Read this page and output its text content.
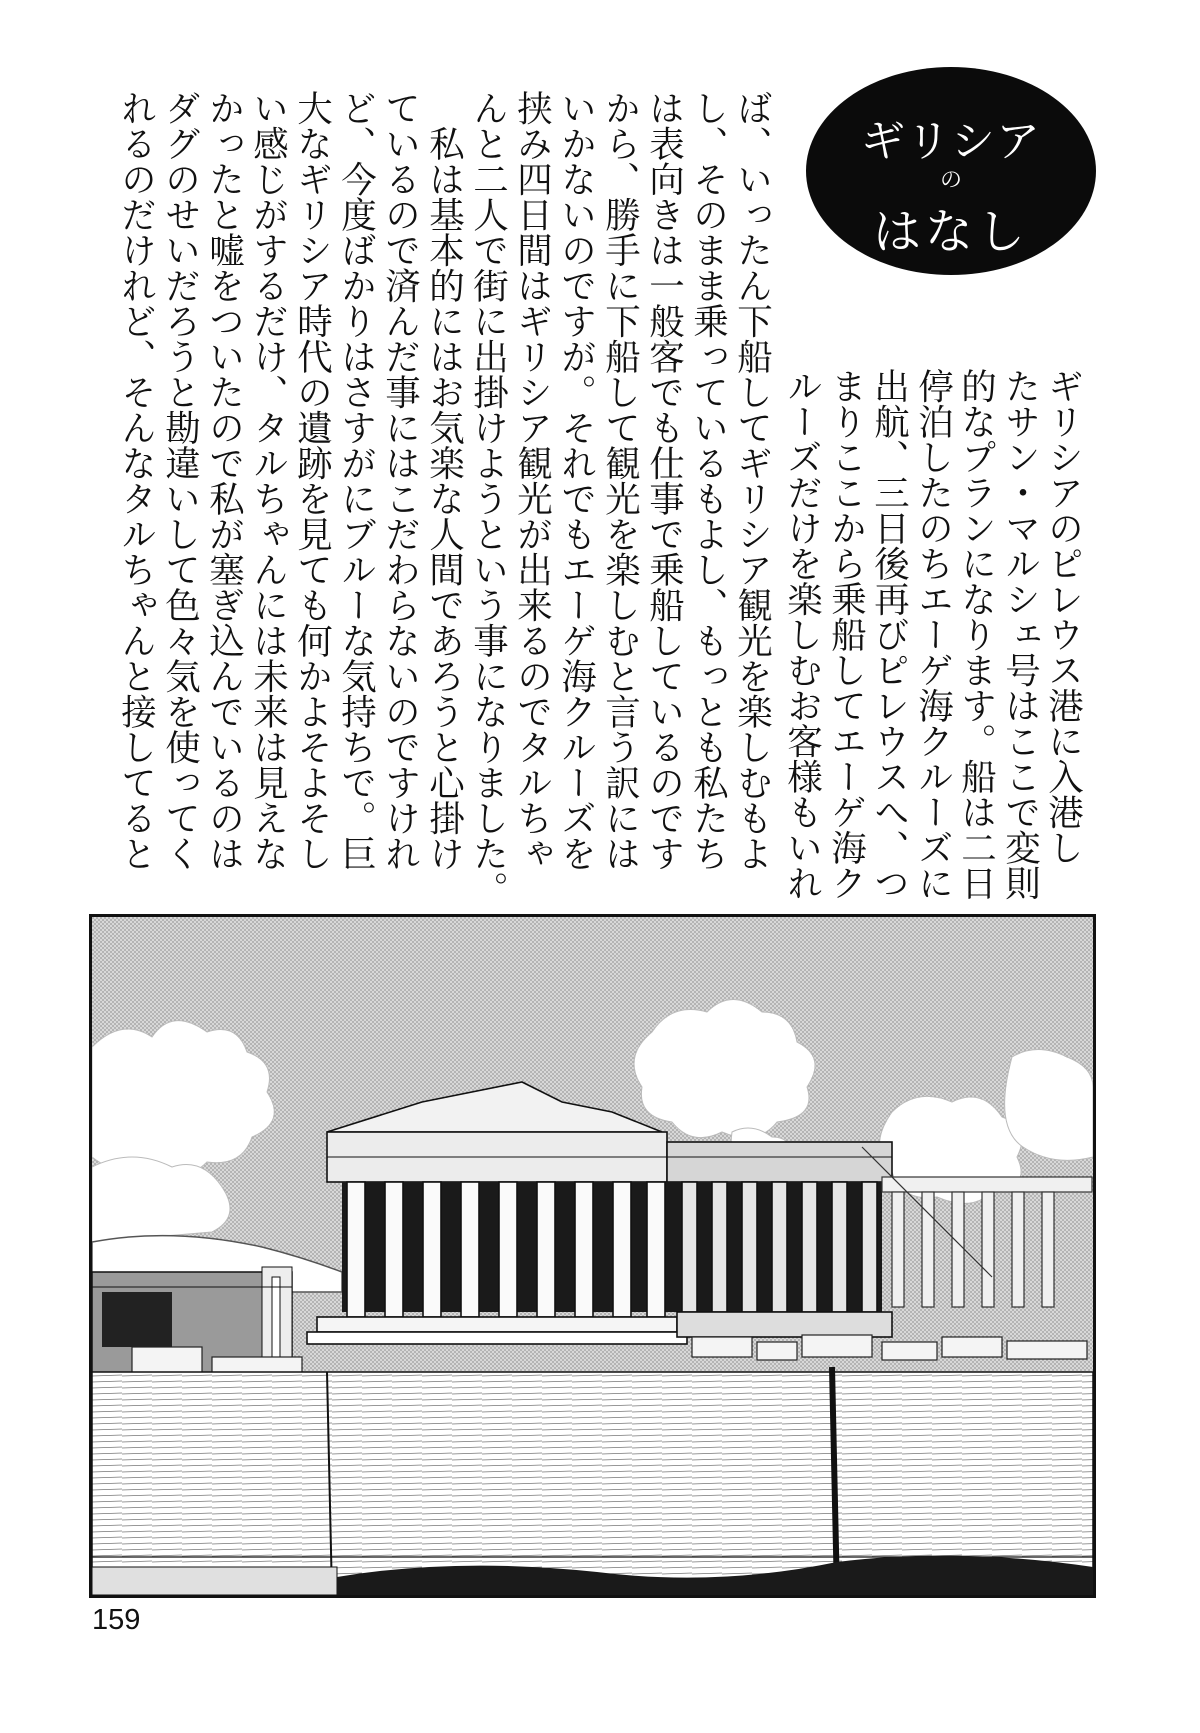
ギリシア
の
はなし
ギリシアのピレウス港に入港し
たサン・マルシェ号はここで変則
的なプランになります。船は二日
停泊したのちエーゲ海クルーズに
出航、三日後再びピレウスへ、つ
まりここから乗船してエーゲ海ク
ルーズだけを楽しむお客様もいれ
ば、いったん下船してギリシア観光を楽しむもよ
し、そのまま乗っているもよし、もっとも私たち
は表向きは一般客でも仕事で乗船しているのです
から、勝手に下船して観光を楽しむと言う訳には
いかないのですが。それでもエーゲ海クルーズを
挟み四日間はギリシア観光が出来るのでタルちゃ
んと二人で街に出掛けようという事になりました。
　私は基本的にはお気楽な人間であろうと心掛け
ているので済んだ事にはこだわらないのですけれ
ど、今度ばかりはさすがにブルーな気持ちで。巨
大なギリシア時代の遺跡を見ても何かよそよそし
い感じがするだけ、タルちゃんには未来は見えな
かったと嘘をついたので私が塞ぎ込んでいるのは
ダグのせいだろうと勘違いして色々気を使ってく
れるのだけれど、そんなタルちゃんと接してると
159
